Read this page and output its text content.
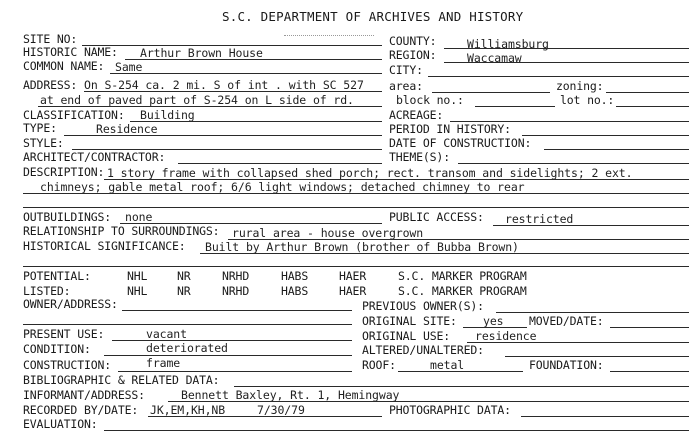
S.C. DEPARTMENT OF ARCHIVES AND HISTORY
SITE NO:
HISTORIC NAME: Arthur Brown House
COMMON NAME: Same
ADDRESS: On S-254 ca. 2 mi. S of int . with SC 527
at end of paved part of S-254 on L side of rd.
CLASSIFICATION: Building
TYPE:	Residence
STYLE:
ARCHITECT/CONTRACTOR:
COUNTY:	Williamsburg
REGION:	Waccamaw
CITY:
area:	zoning:
block no.:	lot no.:
ACREAGE:
PERIOD IN HISTORY:
DATE OF CONSTRUCTION:
THEME(S):
DESCRIPTION: 1 story frame with collapsed shed porch; rect. transom and sidelights; 2 ext.
chimneys; gable metal roof; 6/6 light windows; detached chimney to rear
OUTBUILDINGS: none	PUBLIC ACCESS: restricted
RELATIONSHIP TO SURROUNDINGS: rural area - house overgrown
HISTORICAL SIGNIFICANCE: Built by Arthur Brown (brother of Bubba Brown)
POTENTIAL:	NHL	NR	NRHD	HABS	HAER	S.C. MARKER PROGRAM
LISTED:	NHL	NR	NRHD	HABS	HAER	S.C. MARKER PROGRAM
OWNER/ADDRESS:	PREVIOUS OWNER(S):
ORIGINAL SITE: yes MOVED/DATE:
PRESENT USE:	vacant	ORIGINAL USE: residence
CONDITION:	deteriorated	ALTERED/UNALTERED:
CONSTRUCTION:	frame	ROOF:	metal	FOUNDATION:
BIBLIOGRAPHIC & RELATED DATA:
INFORMANT/ADDRESS:	Bennett Baxley, Rt. 1, Hemingway
RECORDED BY/DATE: JK,EM,KH,NB	7/30/79	PHOTOGRAPHIC DATA:
EVALUATION:
